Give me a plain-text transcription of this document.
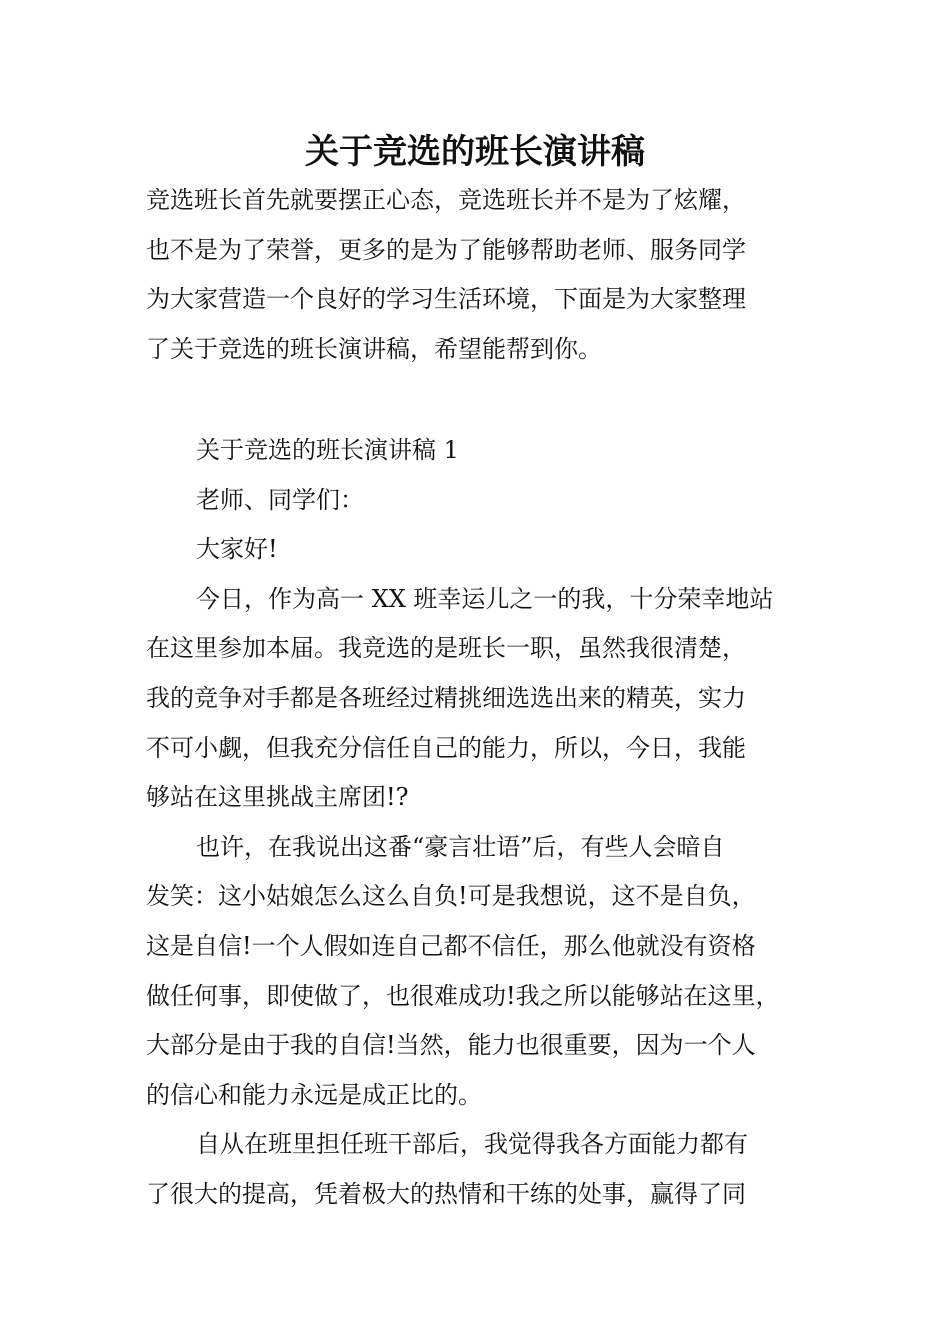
关于竞选的班长演讲稿
竞选班长首先就要摆正心态，竞选班长并不是为了炫耀，
也不是为了荣誉，更多的是为了能够帮助老师、服务同学
为大家营造一个良好的学习生活环境，下面是为大家整理
了关于竞选的班长演讲稿，希望能帮到你。
关于竞选的班长演讲稿 1
老师、同学们：
大家好!
今日，作为高一 XX 班幸运儿之一的我，十分荣幸地站
在这里参加本届。我竞选的是班长一职，虽然我很清楚，
我的竞争对手都是各班经过精挑细选选出来的精英，实力
不可小觑，但我充分信任自己的能力，所以，今日，我能
够站在这里挑战主席团!?
也许，在我说出这番“豪言壮语”后，有些人会暗自
发笑：这小姑娘怎么这么自负!可是我想说，这不是自负，
这是自信!一个人假如连自己都不信任，那么他就没有资格
做任何事，即使做了，也很难成功!我之所以能够站在这里，
大部分是由于我的自信!当然，能力也很重要，因为一个人
的信心和能力永远是成正比的。
自从在班里担任班干部后，我觉得我各方面能力都有
了很大的提高，凭着极大的热情和干练的处事，赢得了同
